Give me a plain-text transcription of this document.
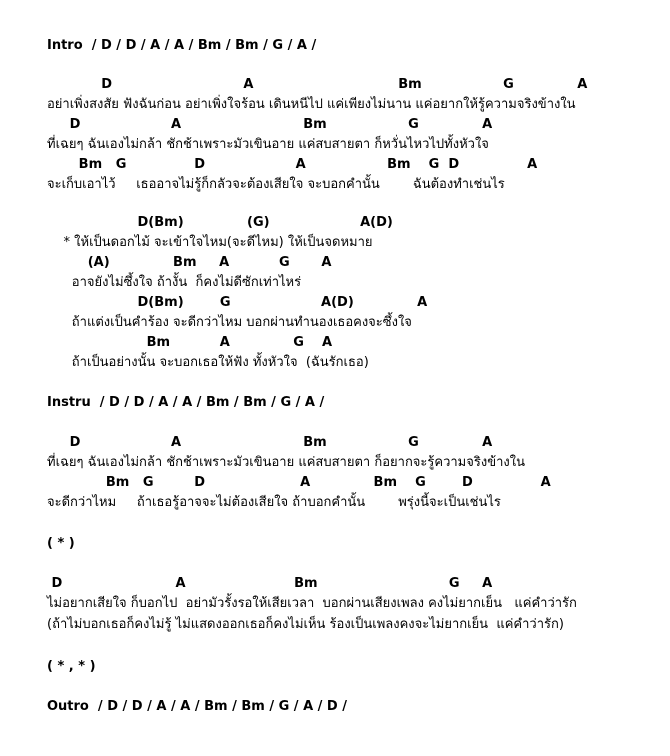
Intro  / D / D / A / A / Bm / Bm / G / A /

D                             A                                Bm                  G              A

อย่าเพิ่งสงสัย ฟังฉันก่อน อย่าเพิ่งใจร้อน เดินหนีไป แค่เพียงไม่นาน แค่อยากให้รู้ความจริงข้างใน

D                    A                           Bm                  G              A

ที่เฉยๆ ฉันเองไม่กล้า ชักช้าเพราะมัวเขินอาย แค่สบสายตา ก็หวั่นไหวไปทั้งหัวใจ

Bm   G               D                    A                  Bm    G  D               A

จะเก็บเอาไว้     เธออาจไม่รู้ก็กลัวจะต้องเสียใจ จะบอกคำนั้น        ฉันต้องทำเช่นไร

D(Bm)              (G)                    A(D)

* ให้เป็นดอกไม้ จะเข้าใจไหม(จะดีไหม) ให้เป็นจดหมาย

(A)              Bm     A           G       A

อาจยังไม่ซึ้งใจ ถ้างั้น  ก็คงไม่ดีซักเท่าไหร่

D(Bm)        G                    A(D)              A

ถ้าแต่งเป็นคำร้อง จะดีกว่าไหม บอกผ่านทำนองเธอคงจะซึ้งใจ

Bm           A              G    A

ถ้าเป็นอย่างนั้น จะบอกเธอให้ฟัง ทั้งหัวใจ  (ฉันรักเธอ)

Instru  / D / D / A / A / Bm / Bm / G / A /

D                    A                           Bm                  G              A

ที่เฉยๆ ฉันเองไม่กล้า ชักช้าเพราะมัวเขินอาย แค่สบสายตา ก็อยากจะรู้ความจริงข้างใน

Bm   G         D                     A              Bm    G        D               A

จะดีกว่าไหม     ถ้าเธอรู้อาจจะไม่ต้องเสียใจ ถ้าบอกคำนั้น        พรุ่งนี้จะเป็นเช่นไร

( * )

D                         A                        Bm                             G     A

ไม่อยากเสียใจ ก็บอกไป  อย่ามัวรั้งรอให้เสียเวลา  บอกผ่านเสียงเพลง คงไม่ยากเย็น   แค่คำว่ารัก

(ถ้าไม่บอกเธอก็คงไม่รู้ ไม่แสดงออกเธอก็คงไม่เห็น ร้องเป็นเพลงคงจะไม่ยากเย็น  แค่คำว่ารัก)

( * , * )

Outro  / D / D / A / A / Bm / Bm / G / A / D /
